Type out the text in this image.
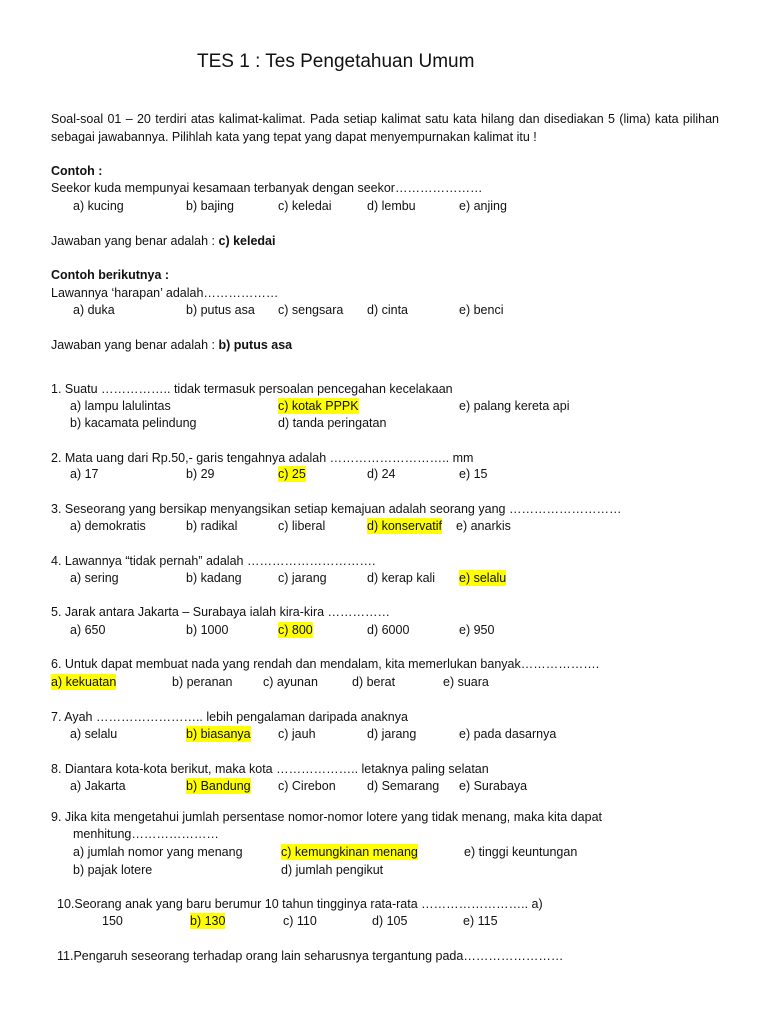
TES 1 : Tes Pengetahuan Umum
Soal-soal 01 – 20 terdiri atas kalimat-kalimat. Pada setiap kalimat satu kata hilang dan disediakan 5 (lima) kata pilihan sebagai jawabannya. Pilihlah kata yang tepat yang dapat menyempurnakan kalimat itu !
Contoh :
Seekor kuda mempunyai kesamaan terbanyak dengan seekor…………………
a) kucing	b) bajing	c) keledai	d) lembu	e) anjing
Jawaban yang benar adalah : c) keledai
Contoh berikutnya :
Lawannya ‘harapan’ adalah………………
a) duka	b) putus asa c) sengsara d) cinta	e) benci
Jawaban yang benar adalah : b) putus asa
1. Suatu …………….. tidak termasuk persoalan pencegahan kecelakaan
a) lampu lalulintas	c) kotak PPPK	e) palang kereta api
b) kacamata pelindung	d) tanda peringatan
2. Mata uang dari Rp.50,- garis tengahnya adalah ……………………….. mm
a) 17	b) 29	c) 25	d) 24	e) 15
3. Seseorang yang bersikap menyangsikan setiap kemajuan adalah seorang yang ………………………
a) demokratis	b) radikal	c) liberal	d) konservatif e) anarkis
4. Lawannya “tidak pernah” adalah ………………………….
a) sering	b) kadang	c) jarang	d) kerap kali e) selalu
5. Jarak antara Jakarta – Surabaya ialah kira-kira ……………
a) 650	b) 1000	c) 800	d) 6000	e) 950
6. Untuk dapat membuat nada yang rendah dan mendalam, kita memerlukan banyak……………….
a) kekuatan	b) peranan c) ayunan	d) berat	e) suara
7. Ayah …………………….. lebih pengalaman daripada anaknya
a) selalu	b) biasanya c) jauh	d) jarang	e) pada dasarnya
8. Diantara kota-kota berikut, maka kota ……………….. letaknya paling selatan
a) Jakarta	b) Bandung c) Cirebon	d) Semarang e) Surabaya
9. Jika kita mengetahui jumlah persentase nomor-nomor lotere yang tidak menang, maka kita dapat
menhitung…………………
a) jumlah nomor yang menang	c) kemungkinan menang	e) tinggi keuntungan
b) pajak lotere	d) jumlah pengikut
10.Seorang anak yang baru berumur 10 tahun tingginya rata-rata …………………….. a)
150	b) 130	c) 110	d) 105	e) 115
11.Pengaruh seseorang terhadap orang lain seharusnya tergantung pada……………………
